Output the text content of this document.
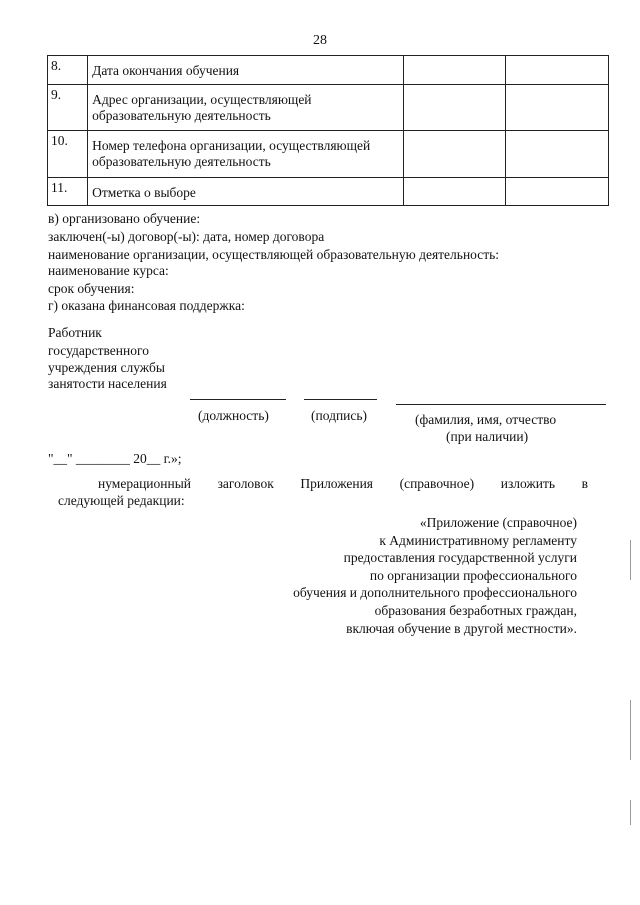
28
8.	Дата окончания обучения		

9.	Адрес организации, осуществляющей
образовательную деятельность		

10.	Номер телефона организации, осуществляющей
образовательную деятельность		

11.	Отметка о выборе		

в) организовано обучение:
заключен(-ы) договор(-ы): дата, номер договора
наименование организации, осуществляющей образовательную деятельность:
наименование курса:
срок обучения:
г) оказана финансовая поддержка:
Работник
государственного
учреждения службы
занятости населения
(должность)	(подпись)	(фамилия, имя, отчество
(при наличии)
"__" ________ 20__ г.»;
нумерационный заголовок Приложения (справочное) изложить в
следующей редакции:
«Приложение (справочное)
к Административному регламенту
предоставления государственной услуги
по организации профессионального
обучения и дополнительного профессионального
образования безработных граждан,
включая обучение в другой местности».
